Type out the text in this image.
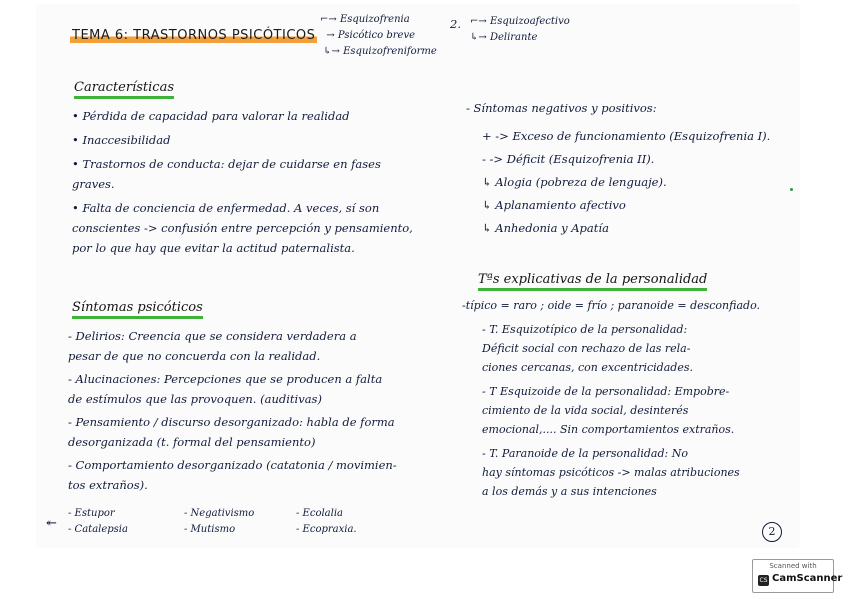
TEMA 6: TRASTORNOS PSICÓTICOS
⌐→ Esquizofrenia
→ Psicótico breve
↳→ Esquizofreniforme
2. ⌐→ Esquizoafectivo
↳→ Delirante
Características
• Pérdida de capacidad para valorar la realidad
• Inaccesibilidad
• Trastornos de conducta: dejar de cuidarse en fases
graves.
• Falta de conciencia de enfermedad. A veces, sí son
conscientes -> confusión entre percepción y pensamiento,
por lo que hay que evitar la actitud paternalista.
Síntomas psicóticos
- Delirios: Creencia que se considera verdadera a
pesar de que no concuerda con la realidad.
- Alucinaciones: Percepciones que se producen a falta
de estímulos que las provoquen. (auditivas)
- Pensamiento / discurso desorganizado: habla de forma
desorganizada (t. formal del pensamiento)
- Comportamiento desorganizado (catatonia / movimien-
tos extraños).
↞
- Estupor
- Catalepsia
- Negativismo
- Mutismo
- Ecolalia
- Ecopraxia.
- Síntomas negativos y positivos:
+ -> Exceso de funcionamiento (Esquizofrenia I).
- -> Déficit (Esquizofrenia II).
↳ Alogia (pobreza de lenguaje).
↳ Aplanamiento afectivo
↳ Anhedonia y Apatía
Tªs explicativas de la personalidad
-típico = raro ; oide = frío ; paranoide = desconfiado.
- T. Esquizotípico de la personalidad:
Déficit social con rechazo de las rela-
ciones cercanas, con excentricidades.
- T Esquizoide de la personalidad: Empobre-
cimiento de la vida social, desinterés
emocional,.... Sin comportamientos extraños.
- T. Paranoide de la personalidad: No
hay síntomas psicóticos -> malas atribuciones
a los demás y a sus intenciones
2
Scanned with
CS CamScanner
